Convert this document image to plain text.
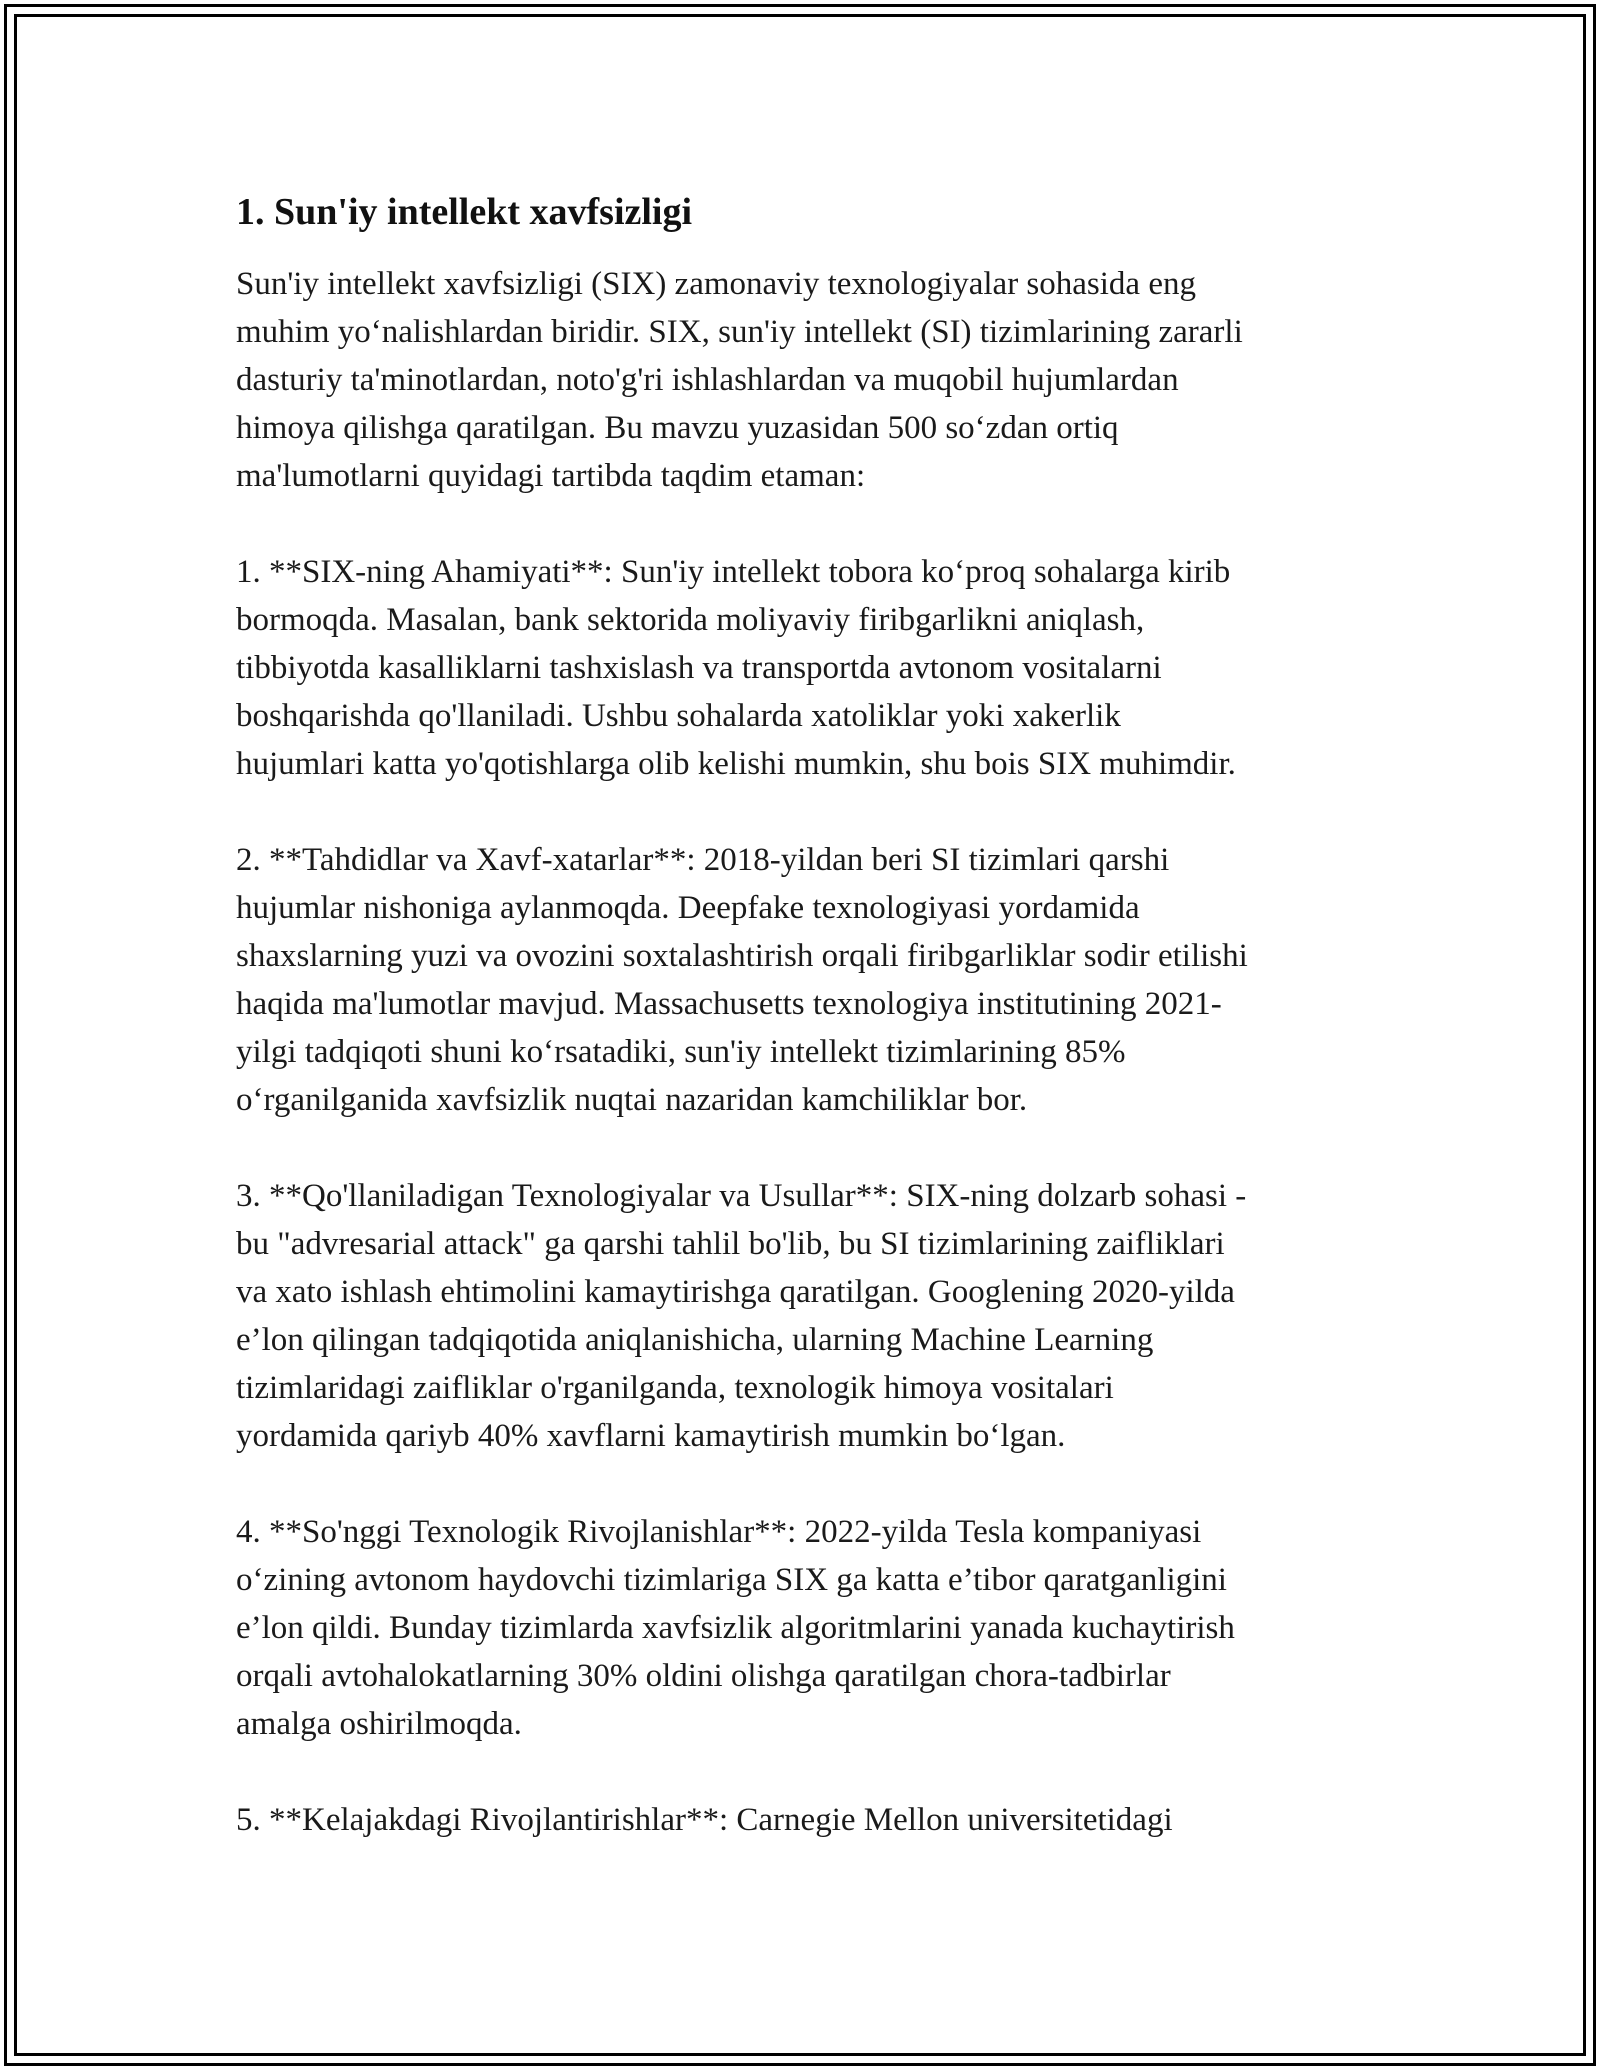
1. Sun'iy intellekt xavfsizligi

Sun'iy intellekt xavfsizligi (SIX) zamonaviy texnologiyalar sohasida eng
muhim yo‘nalishlardan biridir. SIX, sun'iy intellekt (SI) tizimlarining zararli
dasturiy ta'minotlardan, noto'g'ri ishlashlardan va muqobil hujumlardan
himoya qilishga qaratilgan. Bu mavzu yuzasidan 500 so‘zdan ortiq
ma'lumotlarni quyidagi tartibda taqdim etaman:

1. **SIX-ning Ahamiyati**: Sun'iy intellekt tobora ko‘proq sohalarga kirib
bormoqda. Masalan, bank sektorida moliyaviy firibgarlikni aniqlash,
tibbiyotda kasalliklarni tashxislash va transportda avtonom vositalarni
boshqarishda qo'llaniladi. Ushbu sohalarda xatoliklar yoki xakerlik
hujumlari katta yo'qotishlarga olib kelishi mumkin, shu bois SIX muhimdir.

2. **Tahdidlar va Xavf-xatarlar**: 2018-yildan beri SI tizimlari qarshi
hujumlar nishoniga aylanmoqda. Deepfake texnologiyasi yordamida
shaxslarning yuzi va ovozini soxtalashtirish orqali firibgarliklar sodir etilishi
haqida ma'lumotlar mavjud. Massachusetts texnologiya institutining 2021-
yilgi tadqiqoti shuni ko‘rsatadiki, sun'iy intellekt tizimlarining 85%
o‘rganilganida xavfsizlik nuqtai nazaridan kamchiliklar bor.

3. **Qo'llaniladigan Texnologiyalar va Usullar**: SIX-ning dolzarb sohasi -
bu "advresarial attack" ga qarshi tahlil bo'lib, bu SI tizimlarining zaifliklari
va xato ishlash ehtimolini kamaytirishga qaratilgan. Googlening 2020-yilda
e’lon qilingan tadqiqotida aniqlanishicha, ularning Machine Learning
tizimlaridagi zaifliklar o'rganilganda, texnologik himoya vositalari
yordamida qariyb 40% xavflarni kamaytirish mumkin bo‘lgan.

4. **So'nggi Texnologik Rivojlanishlar**: 2022-yilda Tesla kompaniyasi
o‘zining avtonom haydovchi tizimlariga SIX ga katta e’tibor qaratganligini
e’lon qildi. Bunday tizimlarda xavfsizlik algoritmlarini yanada kuchaytirish
orqali avtohalokatlarning 30% oldini olishga qaratilgan chora-tadbirlar
amalga oshirilmoqda.

5. **Kelajakdagi Rivojlantirishlar**: Carnegie Mellon universitetidagi
